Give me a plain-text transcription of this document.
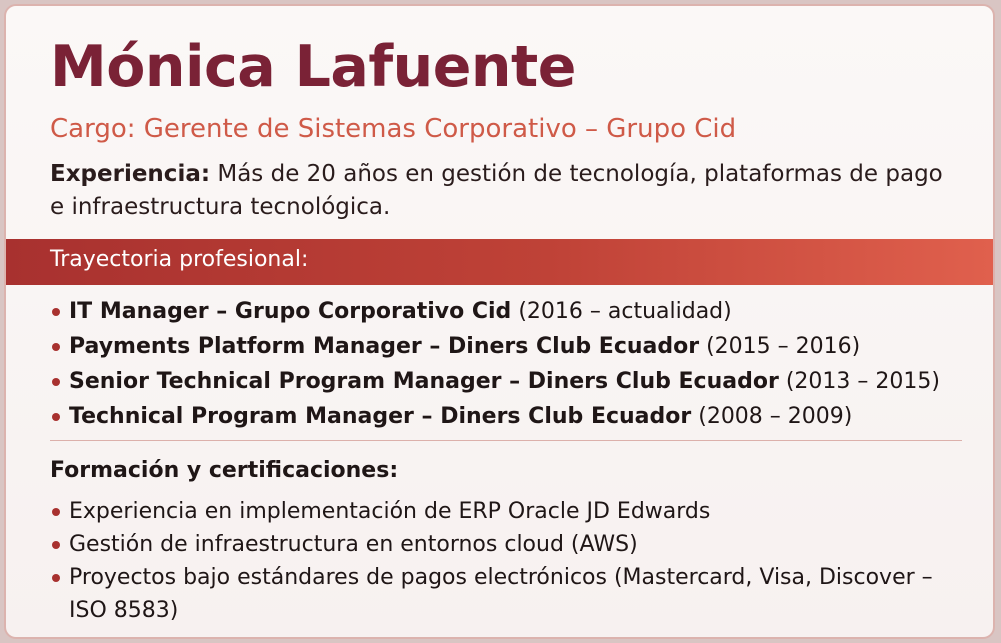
Mónica Lafuente
Cargo: Gerente de Sistemas Corporativo – Grupo Cid
Experiencia: Más de 20 años en gestión de tecnología, plataformas de pago e infraestructura tecnológica.
Trayectoria profesional:
IT Manager – Grupo Corporativo Cid (2016 – actualidad)
Payments Platform Manager – Diners Club Ecuador (2015 – 2016)
Senior Technical Program Manager – Diners Club Ecuador (2013 – 2015)
Technical Program Manager – Diners Club Ecuador (2008 – 2009)
Formación y certificaciones:
Experiencia en implementación de ERP Oracle JD Edwards
Gestión de infraestructura en entornos cloud (AWS)
Proyectos bajo estándares de pagos electrónicos (Mastercard, Visa, Discover – ISO 8583)
